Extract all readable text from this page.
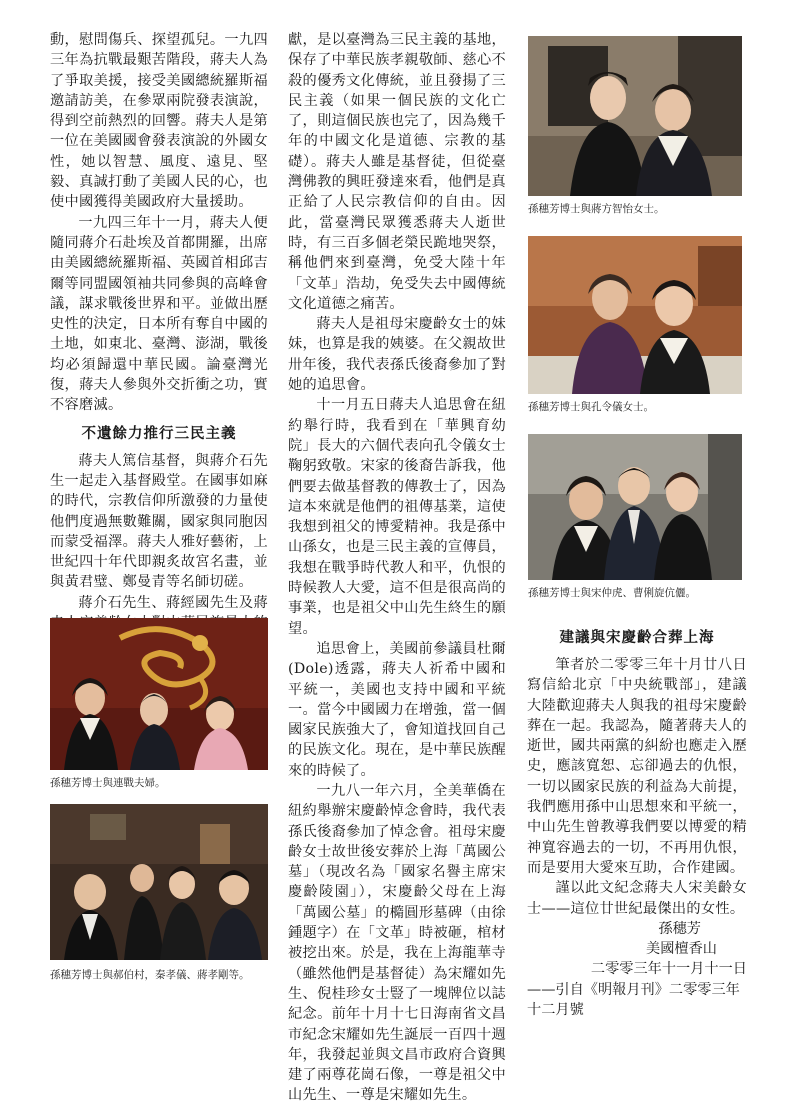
動，慰問傷兵、探望孤兒。一九四三年為抗戰最艱苦階段，蔣夫人為了爭取美援，接受美國總統羅斯福邀請訪美，在參眾兩院發表演說，得到空前熱烈的回響。蔣夫人是第一位在美國國會發表演說的外國女性，她以智慧、風度、遠見、堅毅、真誠打動了美國人民的心，也使中國獲得美國政府大量援助。

一九四三年十一月，蔣夫人便隨同蔣介石赴埃及首都開羅，出席由美國總統羅斯福、英國首相邱吉爾等同盟國領袖共同參與的高峰會議，謀求戰後世界和平。並做出歷史性的決定，日本所有奪自中國的土地，如東北、臺灣、澎湖，戰後均必須歸還中華民國。論臺灣光復，蔣夫人參與外交折衝之功，實不容磨滅。

不遺餘力推行三民主義

蔣夫人篤信基督，與蔣介石先生一起走入基督殿堂。在國事如麻的時代，宗教信仰所激發的力量使他們度過無數難關，國家與同胞因而蒙受福澤。蔣夫人雅好藝術，上世紀四十年代即親炙故宮名畫，並與黃君璧、鄭曼青等名師切磋。

蔣介石先生、蔣經國先生及蔣

獻，是以臺灣為三民主義的基地，保存了中華民族孝親敬師、慈心不殺的優秀文化傳統，並且發揚了三民主義（如果一個民族的文化亡了，則這個民族也完了，因為幾千年的中國文化是道德、宗教的基礎）。蔣夫人雖是基督徒，但從臺灣佛教的興旺發達來看，他們是真正給了人民宗教信仰的自由。因此，當臺灣民眾獲悉蔣夫人逝世時，有三百多個老榮民跪地哭祭，稱他們來到臺灣，免受大陸十年「文革」浩劫，免受失去中國傳統文化道德之痛苦。

蔣夫人是祖母宋慶齡女士的妹妹，也算是我的姨婆。在父親故世卅年後，我代表孫氏後裔參加了對她的追思會。

十一月五日蔣夫人追思會在紐約舉行時，我看到在「華興育幼院」長大的六個代表向孔令儀女士鞠躬致敬。宋家的後裔告訴我，他們要去做基督教的傳教士了，因為這本來就是他們的祖傳基業，這使我想到祖父的博愛精神。我是孫中山孫女，也是三民主義的宣傳員，我想在戰爭時代教人和平，仇恨的時候教人大愛，這不但是很高尚的事業，也是祖父中山先生終生的願望。

追思會上，美國前參議員杜爾(Dole)透露，蔣夫人祈希中國和平統一，美國也支持中國和平統一。當今中國國力在增強，當一個國家民族強大了，會知道找回自己的民族文化。現在，是中華民族醒來的時候了。

一九八一年六月，全美華僑在紐約舉辦宋慶齡悼念會時，我代表孫氏後裔參加了悼念會。祖母宋慶齡女士故世後安葬於上海「萬國公墓」（現改名為「國家名譽主席宋慶齡陵園」），宋慶齡父母在上海「萬國公墓」的橢圓形墓碑（由徐鍾題字）在「文革」時被砸，棺材被挖出來。於是，我在上海龍華寺（雖然他們是基督徒）為宋耀如先生、倪桂珍女士豎了一塊牌位以誌紀念。前年十月十七日海南省文昌市紀念宋耀如先生誕辰一百四十週年，我發起並與文昌市政府合資興建了兩尊花崗石像，一尊是祖父中山先生、一尊是宋耀如先生。

建議與宋慶齡合葬上海

筆者於二零零三年十月廿八日寫信給北京「中央統戰部」，建議大陸歡迎蔣夫人與我的祖母宋慶齡葬在一起。我認為，隨著蔣夫人的逝世，國共兩黨的糾紛也應走入歷史，應該寬恕、忘卻過去的仇恨，一切以國家民族的利益為大前提，我們應用孫中山思想來和平統一，中山先生曾教導我們要以博愛的精神寬容過去的一切，不再用仇恨，而是要用大愛來互助，合作建國。

謹以此文紀念蔣夫人宋美齡女士——這位廿世紀最傑出的女性。

孫穗芳

美國檀香山

二零零三年十一月十一日

——引自《明報月刊》二零零三年

十二月號

孫穗芳博士與蔣方智怡女士。
孫穗芳博士與孔令儀女士。
孫穗芳博士與宋仲虎、曹俐旋伉儷。
孫穗芳博士與連戰夫婦。
孫穗芳博士與郝伯村，秦孝儀、蔣孝剛等。
